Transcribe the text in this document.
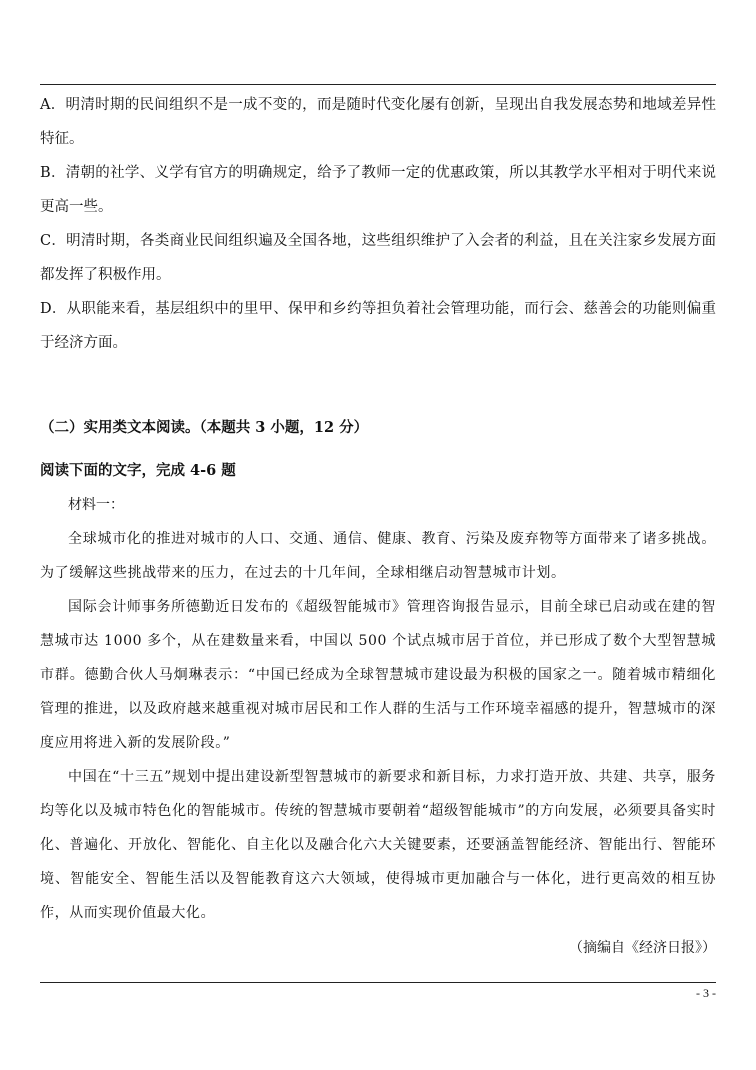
A．明清时期的民间组织不是一成不变的，而是随时代变化屡有创新，呈现出自我发展态势和地域差异性特征。

B．清朝的社学、义学有官方的明确规定，给予了教师一定的优惠政策，所以其教学水平相对于明代来说更高一些。

C．明清时期，各类商业民间组织遍及全国各地，这些组织维护了入会者的利益，且在关注家乡发展方面都发挥了积极作用。

D．从职能来看，基层组织中的里甲、保甲和乡约等担负着社会管理功能，而行会、慈善会的功能则偏重于经济方面。

（二）实用类文本阅读。（本题共 3 小题，12 分）

阅读下面的文字，完成 4-6 题

材料一：

全球城市化的推进对城市的人口、交通、通信、健康、教育、污染及废弃物等方面带来了诸多挑战。为了缓解这些挑战带来的压力，在过去的十几年间，全球相继启动智慧城市计划。

国际会计师事务所德勤近日发布的《超级智能城市》管理咨询报告显示，目前全球已启动或在建的智慧城市达 1000 多个，从在建数量来看，中国以 500 个试点城市居于首位，并已形成了数个大型智慧城市群。德勤合伙人马炯琳表示：“中国已经成为全球智慧城市建设最为积极的国家之一。随着城市精细化管理的推进，以及政府越来越重视对城市居民和工作人群的生活与工作环境幸福感的提升，智慧城市的深度应用将进入新的发展阶段。”

中国在“十三五”规划中提出建设新型智慧城市的新要求和新目标，力求打造开放、共建、共享，服务均等化以及城市特色化的智能城市。传统的智慧城市要朝着“超级智能城市”的方向发展，必须要具备实时化、普遍化、开放化、智能化、自主化以及融合化六大关键要素，还要涵盖智能经济、智能出行、智能环境、智能安全、智能生活以及智能教育这六大领域，使得城市更加融合与一体化，进行更高效的相互协作，从而实现价值最大化。

（摘编自《经济日报》）
- 3 -
